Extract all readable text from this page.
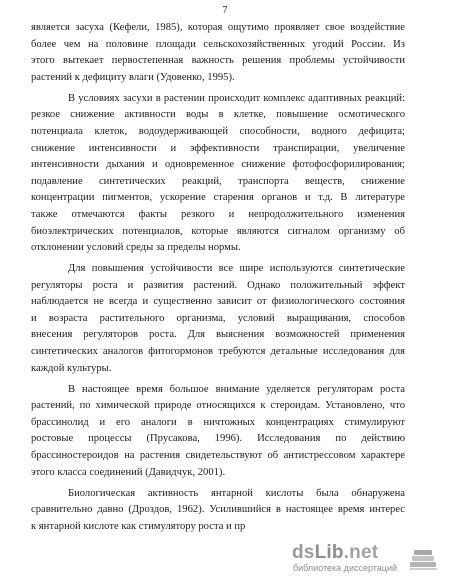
7
является засуха (Кефели, 1985), которая ощутимо проявляет свое воздействие
более чем на половине площади сельскохозяйственных угодий России. Из
этого вытекает первостепенная важность решения проблемы устойчивости
растений к дефициту влаги (Удовенко, 1995).
В условиях засухи в растении происходит комплекс адаптивных реакций:
резкое снижение активности воды в клетке, повышение осмотического
потенциала клеток, водоудерживающей способности, водного дефицита;
снижение интенсивности и эффективности транспирации, увеличение
интенсивности дыхания и одновременное снижение фотофосфорилирования;
подавление синтетических реакций, транспорта веществ, снижение
концентрации пигментов, ускорение старения органов и т.д. В литературе
также отмечаются факты резкого и непродолжительного изменения
биоэлектрических потенциалов, которые являются сигналом организму об
отклонении условий среды за пределы нормы.
Для повышения устойчивости все шире используются синтетические
регуляторы роста и развития растений. Однако положительный эффект
наблюдается не всегда и существенно зависит от физиологического состояния
и возраста растительного организма, условий выращивания, способов
внесения регуляторов роста. Для выяснения возможностей применения
синтетических аналогов фитогормонов требуются детальные исследования для
каждой культуры.
В настоящее время большое внимание уделяется регуляторам роста
растений, по химической природе относящихся к стероидам. Установлено, что
брассинолид и его аналоги в ничтожных концентрациях стимулируют
ростовые процессы (Прусакова, 1996). Исследования по действию
брассиностероидов на растения свидетельствуют об антистрессовом характере
этого класса соединений (Давидчук, 2001).
Биологическая активность янтарной кислоты была обнаружена
сравнительно давно (Дроздов, 1962). Усилившийся в настоящее время интерес
к янтарной кислоте как стимулятору роста и пр
dsLib.net
библиотека диссертаций
